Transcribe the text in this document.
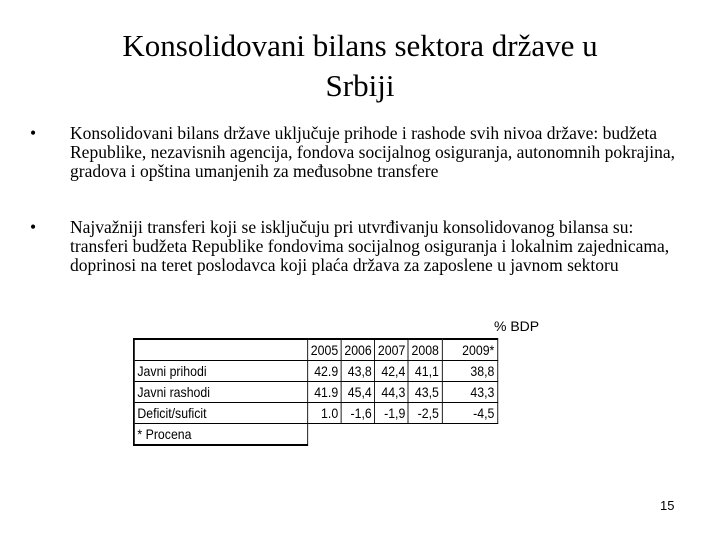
Konsolidovani bilans sektora države u
Srbiji
•	Konsolidovani bilans države uključuje prihode i rashode svih nivoa države: budžeta Republike, nezavisnih agencija, fondova socijalnog osiguranja, autonomnih pokrajina, gradova i opština umanjenih za međusobne transfere
•	Najvažniji transferi koji se isključuju pri utvrđivanju konsolidovanog bilansa su: transferi budžeta Republike fondovima socijalnog osiguranja i lokalnim zajednicama, doprinosi na teret poslodavca koji plaća država za zaposlene u javnom sektoru
% BDP
	2005	2006	2007	2008	2009*
Javni prihodi	42.9	43,8	42,4	41,1	38,8
Javni rashodi	41.9	45,4	44,3	43,5	43,3
Deficit/suficit	1.0	-1,6	-1,9	-2,5	-4,5
* Procena					
15
